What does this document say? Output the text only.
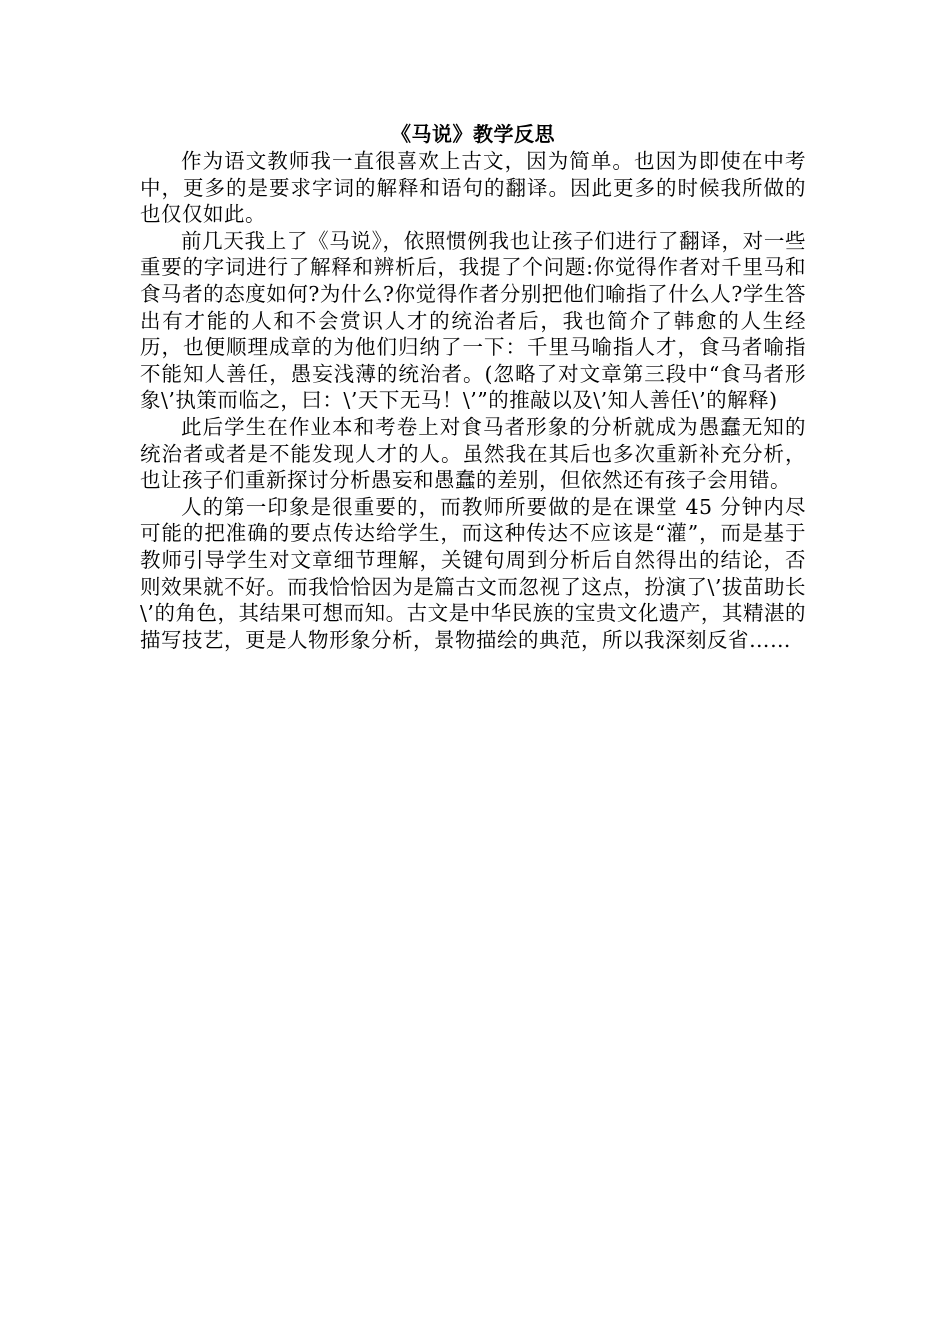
《马说》教学反思

作为语文教师我一直很喜欢上古文，因为简单。也因为即使在中考中，更多的是要求字词的解释和语句的翻译。因此更多的时候我所做的也仅仅如此。

前几天我上了《马说》，依照惯例我也让孩子们进行了翻译，对一些重要的字词进行了解释和辨析后，我提了个问题:你觉得作者对千里马和食马者的态度如何?为什么?你觉得作者分别把他们喻指了什么人?学生答出有才能的人和不会赏识人才的统治者后，我也简介了韩愈的人生经历，也便顺理成章的为他们归纳了一下：千里马喻指人才，食马者喻指不能知人善任，愚妄浅薄的统治者。(忽略了对文章第三段中“食马者形象\’执策而临之，曰：\’天下无马！\’”的推敲以及\’知人善任\’的解释)

此后学生在作业本和考卷上对食马者形象的分析就成为愚蠢无知的统治者或者是不能发现人才的人。虽然我在其后也多次重新补充分析，也让孩子们重新探讨分析愚妄和愚蠢的差别，但依然还有孩子会用错。

人的第一印象是很重要的，而教师所要做的是在课堂 45 分钟内尽可能的把准确的要点传达给学生，而这种传达不应该是“灌”，而是基于教师引导学生对文章细节理解，关键句周到分析后自然得出的结论，否则效果就不好。而我恰恰因为是篇古文而忽视了这点，扮演了\’拔苗助长\’的角色，其结果可想而知。古文是中华民族的宝贵文化遗产，其精湛的描写技艺，更是人物形象分析，景物描绘的典范，所以我深刻反省……
